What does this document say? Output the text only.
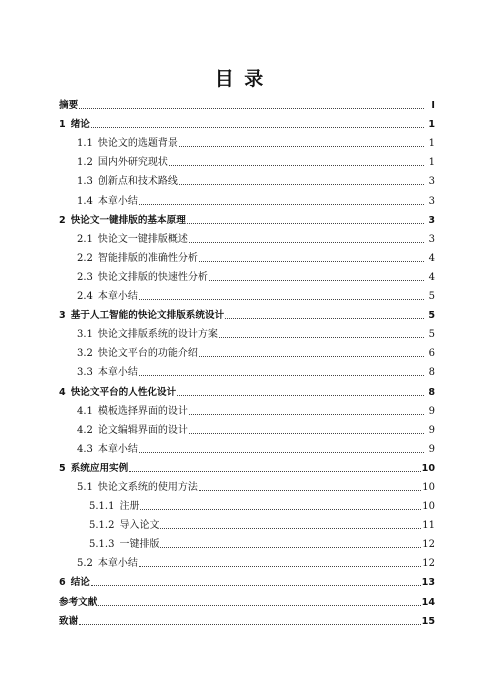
目 录
摘要	I
1 绪论	1
1.1 快论文的选题背景	1
1.2 国内外研究现状	1
1.3 创新点和技术路线	3
1.4 本章小结	3
2 快论文一键排版的基本原理	3
2.1 快论文一键排版概述	3
2.2 智能排版的准确性分析	4
2.3 快论文排版的快速性分析	4
2.4 本章小结	5
3 基于人工智能的快论文排版系统设计	5
3.1 快论文排版系统的设计方案	5
3.2 快论文平台的功能介绍	6
3.3 本章小结	8
4 快论文平台的人性化设计	8
4.1 模板选择界面的设计	9
4.2 论文编辑界面的设计	9
4.3 本章小结	9
5 系统应用实例	10
5.1 快论文系统的使用方法	10
5.1.1 注册	10
5.1.2 导入论文	11
5.1.3 一键排版	12
5.2 本章小结	12
6 结论	13
参考文献	14
致谢	15
